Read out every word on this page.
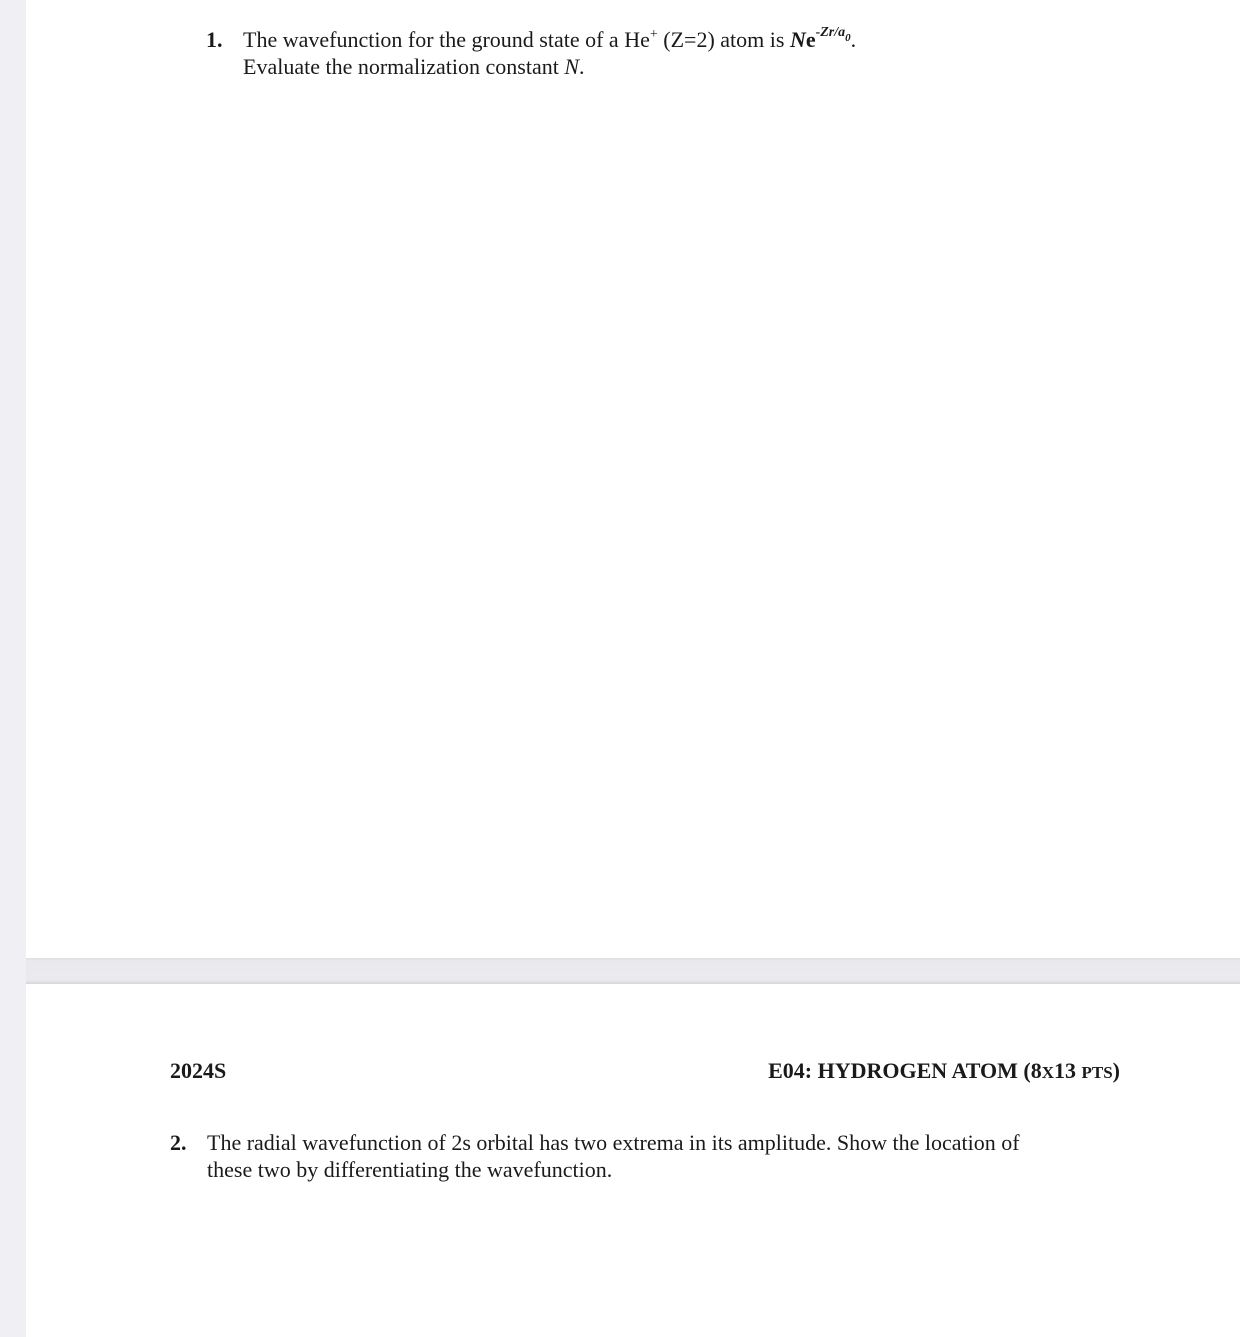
1. The wavefunction for the ground state of a He+ (Z=2) atom is $Ne^{-Zr/a0}$.
Evaluate the normalization constant N.
2024S	E04: HYDROGEN ATOM (8X13 PTS)
2. The radial wavefunction of 2s orbital has two extrema in its amplitude. Show the location of
these two by differentiating the wavefunction.
